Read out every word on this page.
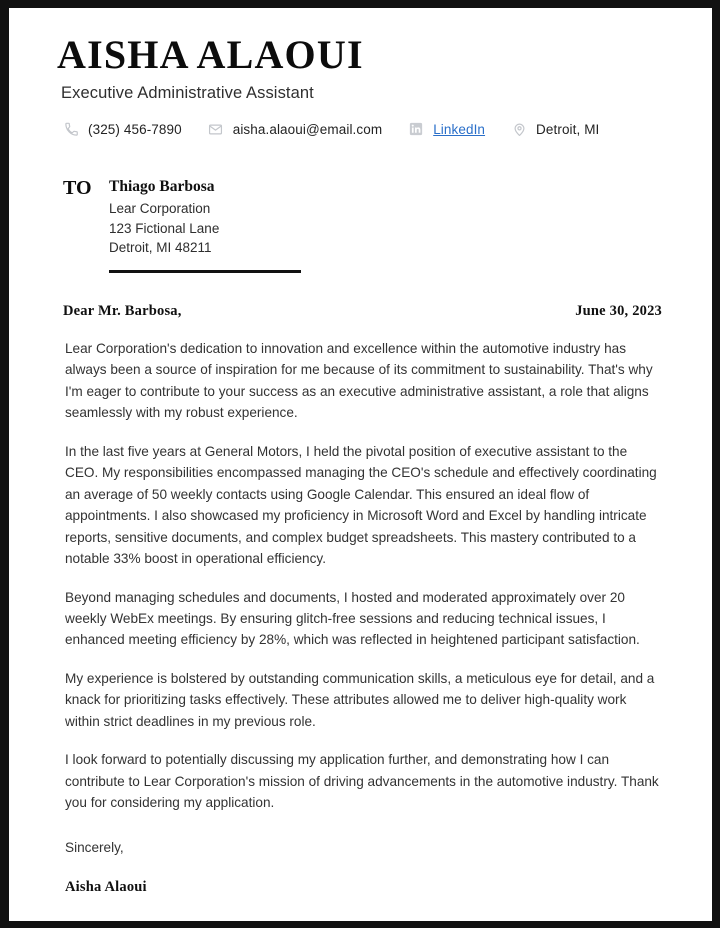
AISHA ALAOUI
Executive Administrative Assistant
(325) 456-7890	aisha.alaoui@email.com	LinkedIn	Detroit, MI
TO	Thiago Barbosa
Lear Corporation
123 Fictional Lane
Detroit, MI 48211
Dear Mr. Barbosa,	June 30, 2023

Lear Corporation's dedication to innovation and excellence within the automotive industry has always been a source of inspiration for me because of its commitment to sustainability. That's why I'm eager to contribute to your success as an executive administrative assistant, a role that aligns seamlessly with my robust experience.

In the last five years at General Motors, I held the pivotal position of executive assistant to the CEO. My responsibilities encompassed managing the CEO's schedule and effectively coordinating an average of 50 weekly contacts using Google Calendar. This ensured an ideal flow of appointments. I also showcased my proficiency in Microsoft Word and Excel by handling intricate reports, sensitive documents, and complex budget spreadsheets. This mastery contributed to a notable 33% boost in operational efficiency.

Beyond managing schedules and documents, I hosted and moderated approximately over 20 weekly WebEx meetings. By ensuring glitch-free sessions and reducing technical issues, I enhanced meeting efficiency by 28%, which was reflected in heightened participant satisfaction.

My experience is bolstered by outstanding communication skills, a meticulous eye for detail, and a knack for prioritizing tasks effectively. These attributes allowed me to deliver high-quality work within strict deadlines in my previous role.

I look forward to potentially discussing my application further, and demonstrating how I can contribute to Lear Corporation's mission of driving advancements in the automotive industry. Thank you for considering my application.

Sincerely,
Aisha Alaoui
